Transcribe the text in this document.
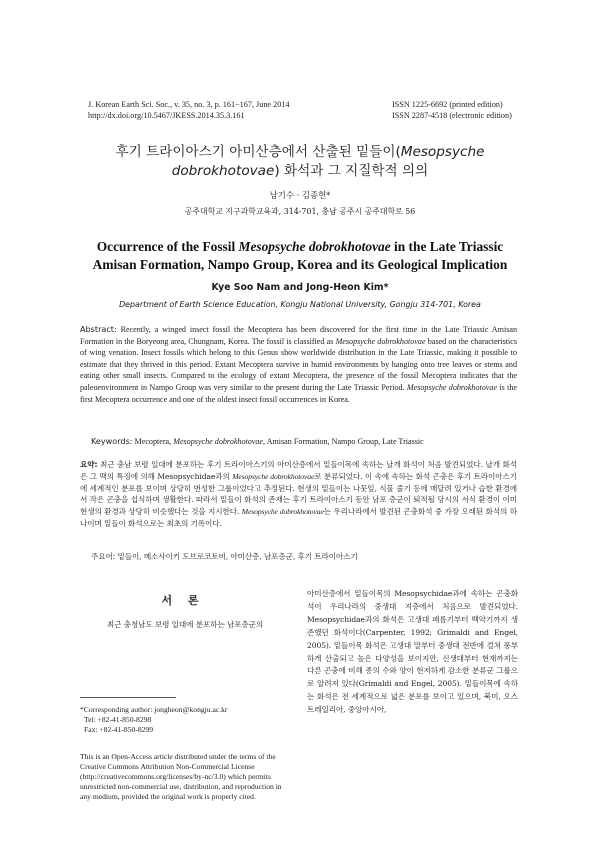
J. Korean Earth Sci. Soc., v. 35, no. 3, p. 161−167, June 2014
http://dx.doi.org/10.5467/JKESS.2014.35.3.161
ISSN 1225-6692 (printed edition)
ISSN 2287-4518 (electronic edition)
후기 트라이아스기 아미산층에서 산출된 밑들이(Mesopsyche
dobrokhotovae) 화석과 그 지질학적 의의
남기수 · 김종헌*
공주대학교 지구과학교육과, 314-701, 충남 공주시 공주대학로 56
Occurrence of the Fossil Mesopsyche dobrokhotovae in the Late Triassic
Amisan Formation, Nampo Group, Korea and its Geological Implication
Kye Soo Nam and Jong-Heon Kim*
Department of Earth Science Education, Kongju National University, Gongju 314-701, Korea
Abstract: Recently, a winged insect fossil the Mecoptera has been discovered for the first time in the Late Triassic Amisan Formation in the Boryeong area, Chungnam, Korea. The fossil is classified as Mesopsyche dobrokhotovae based on the characteristics of wing venation. Insect fossils which belong to this Genus show worldwide distribution in the Late Triassic, making it possible to estimate that they thrived in this period. Extant Mecoptera survive in humid environments by hanging onto tree leaves or stems and eating other small insects. Compared to the ecology of extant Mecoptera, the presence of the fossil Mecoptera indicates that the paleoenvironment in Nampo Group was very similar to the present during the Late Triassic Period. Mesopsyche dobrokhotovae is the first Mecoptera occurrence and one of the oldest insect fossil occurrences in Korea.
Keywords: Mecoptera, Mesopsyche dobrokhotovae, Amisan Formation, Nampo Group, Late Triassic
요약: 최근 충남 보령 일대에 분포하는 후기 트라이아스기의 아미산층에서 밑들이목에 속하는 날개 화석이 처음 발견되었다. 날개 화석은 그 맥의 특징에 의해 Mesopsychidae과의 Mesopsyche dobrokhotovae로 분류되었다. 이 속에 속하는 화석 곤충은 후기 트라이아스기에 세계적인 분포를 보이며 상당히 번성한 그룹이었다고 추정된다. 현생의 밑들이는 나뭇잎, 식물 줄기 등에 매달려 있거나 습한 환경에서 작은 곤충을 섭식하며 생활한다. 따라서 밑들이 화석의 존재는 후기 트라이아스기 동안 남포 층군이 퇴적될 당시의 서식 환경이 이미 현생의 환경과 상당히 비슷했다는 것을 지시한다. Mesopsyche dobrokhotovae는 우리나라에서 발견된 곤충화석 중 가장 오래된 화석의 하나이며 밑들이 화석으로는 최초의 기록이다.
주요어: 밑들이, 메소사이키 도브로코토비, 아미산층, 남포층군, 후기 트라이아스기
서 론
최근 충청남도 보령 일대에 분포하는 남포층군의
아미산층에서 밑들이목의 Mesopsychidae과에 속하는 곤충화석이 우리나라의 중생대 지층에서 처음으로 발견되었다. Mesopsychidae과의 화석은 고생대 페름기부터 백악기까지 생존했던 화석이다(Carpenter, 1992; Grimaldi and Engel, 2005). 밑들이목 화석은 고생대 말부터 중생대 전반에 걸쳐 풍부하게 산출되고 높은 다양성을 보이지만, 신생대부터 현재까지는 다른 곤충에 비해 종의 수와 양이 현저하게 감소한 분류군 그룹으로 알려져 있다(Grimaldi and Engel, 2005). 밑들이목에 속하는 화석은 전 세계적으로 넓은 분포를 보이고 있으며, 북미, 오스트레일리아, 중앙아시아,
*Corresponding author: jongheon@kongju.ac.kr
Tel: +82-41-850-8298
Fax: +82-41-850-8299
This is an Open-Access article distributed under the terms of the Creative Commons Attribution Non-Commercial License (http://creativecommons.org/licenses/by-nc/3.0) which permits unrestricted non-commercial use, distribution, and reproduction in any medium, provided the original work is properly cited.
